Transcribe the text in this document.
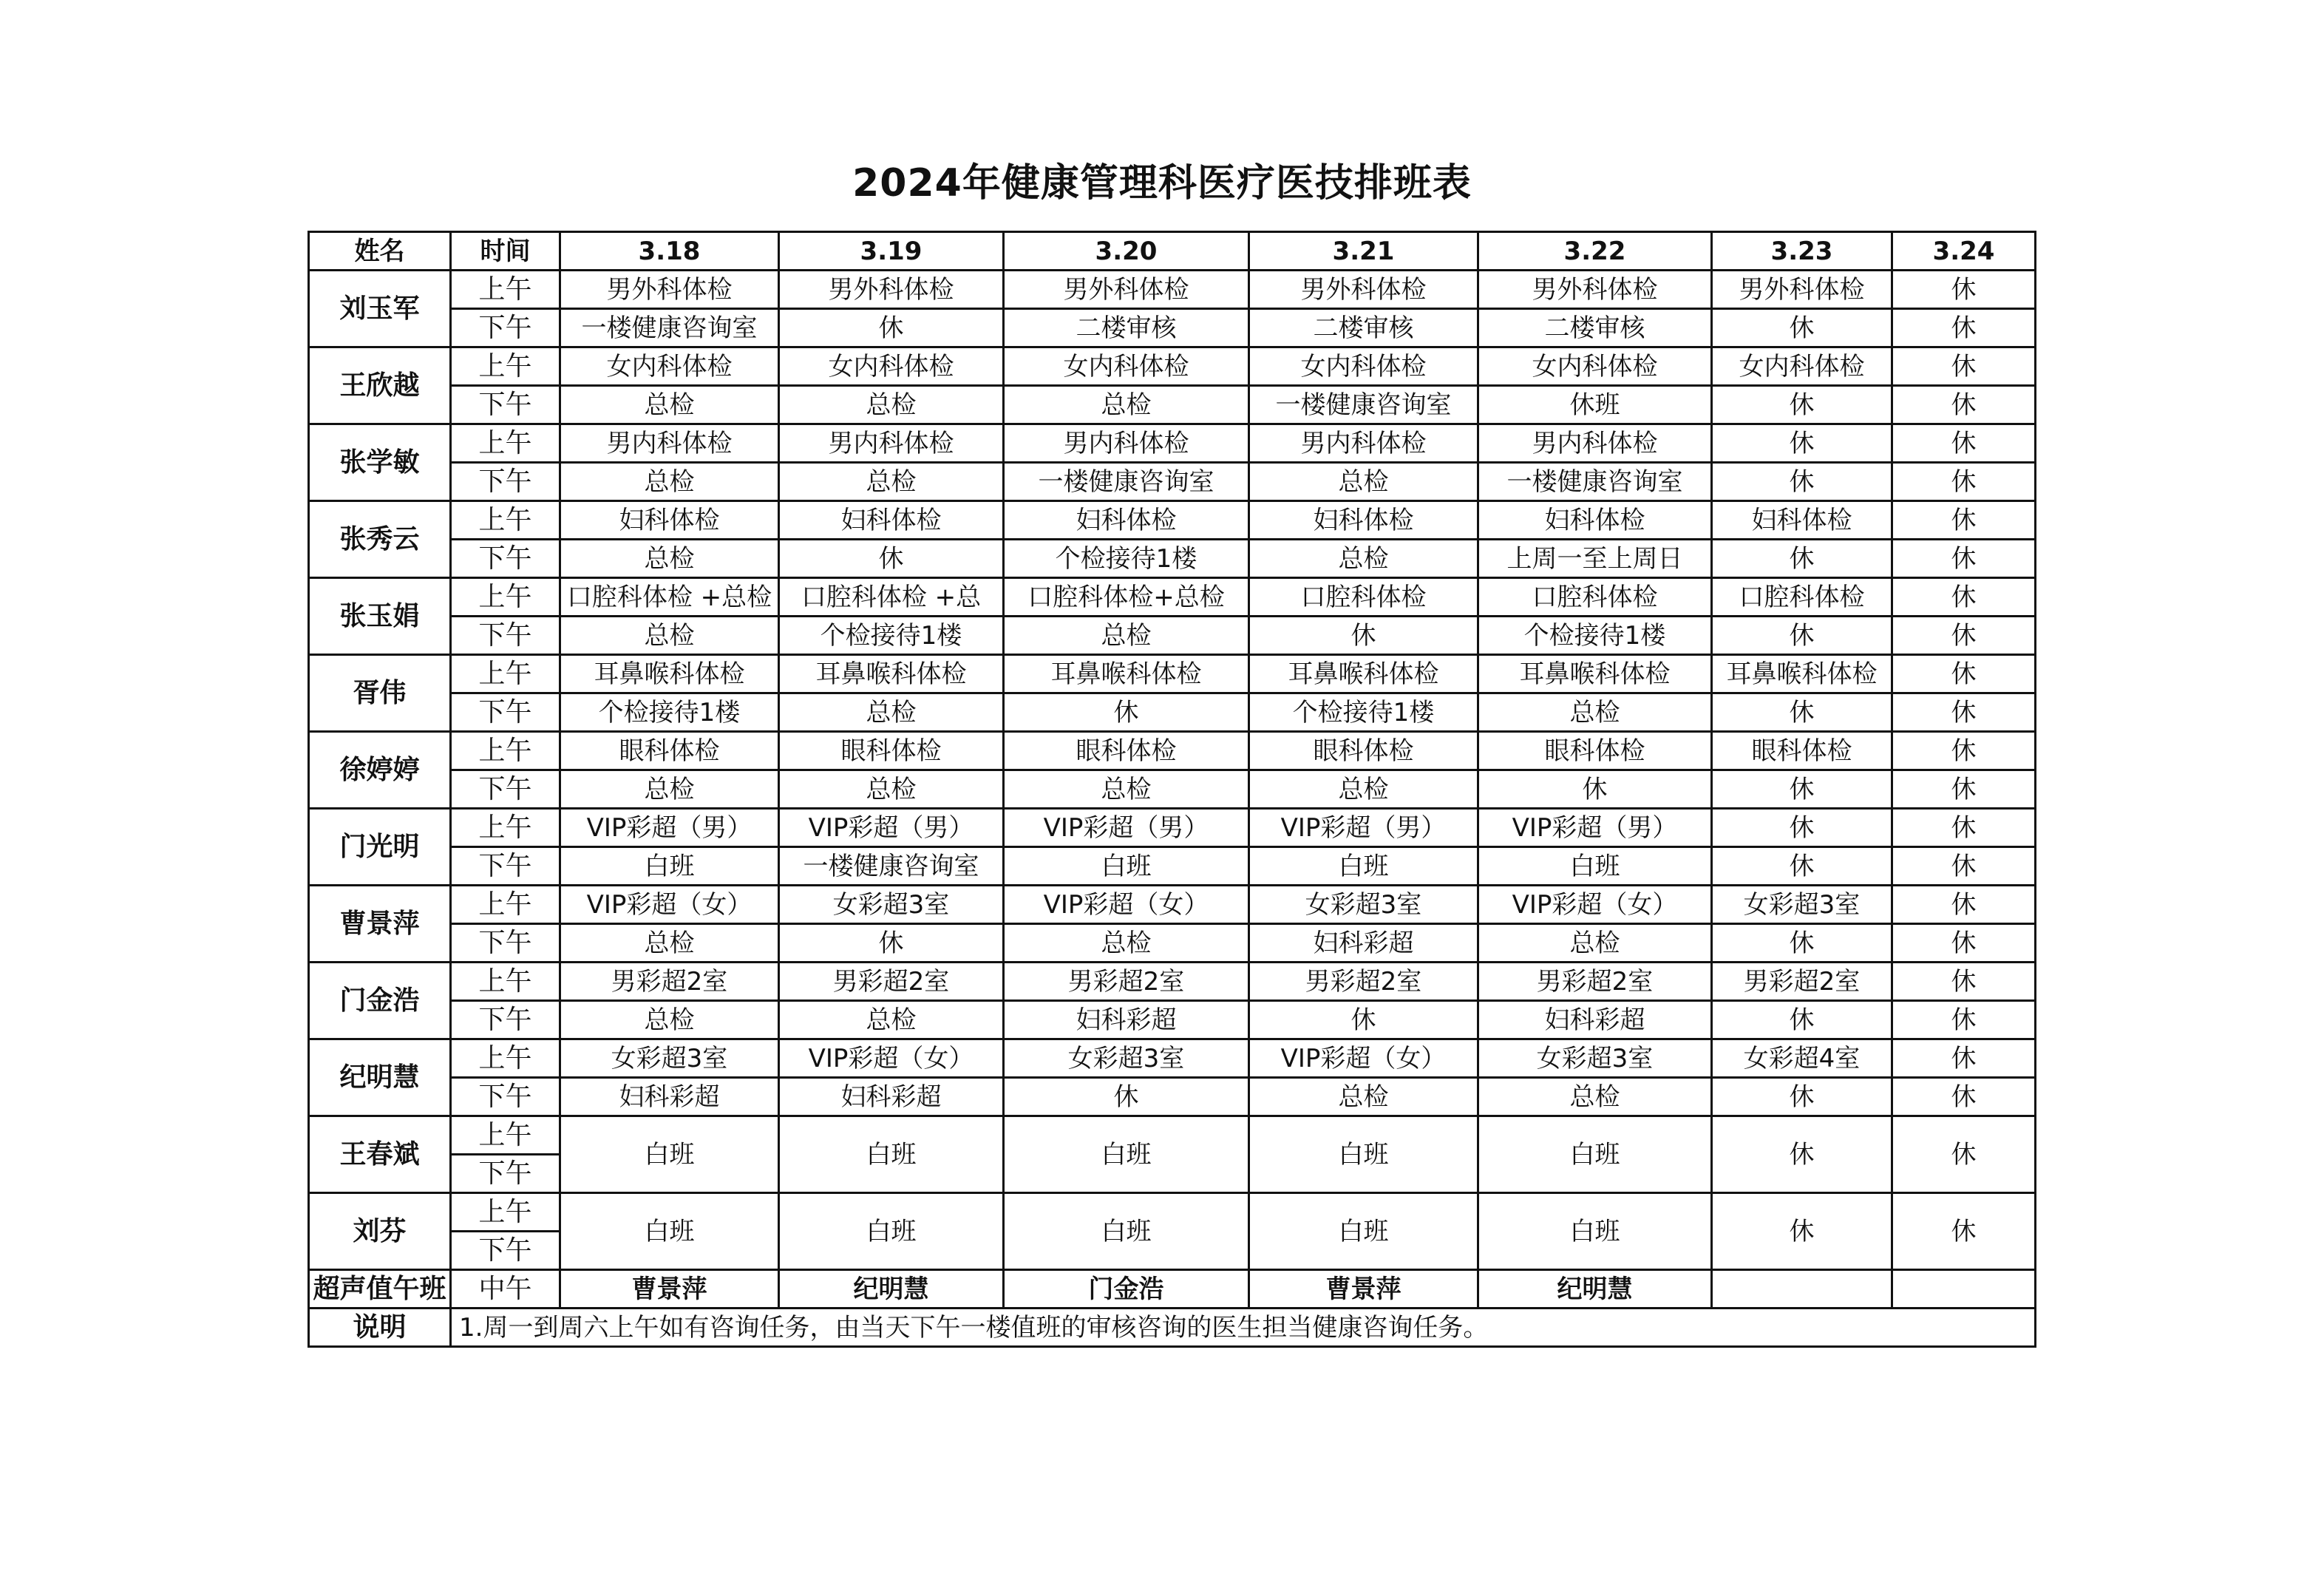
2024年健康管理科医疗医技排班表
姓名	时间	3.18	3.19	3.20	3.21	3.22	3.23	3.24
刘玉军	上午	男外科体检	男外科体检	男外科体检	男外科体检	男外科体检	男外科体检	休
	下午	一楼健康咨询室	休	二楼审核	二楼审核	二楼审核	休	休
王欣越	上午	女内科体检	女内科体检	女内科体检	女内科体检	女内科体检	女内科体检	休
	下午	总检	总检	总检	一楼健康咨询室	休班	休	休
张学敏	上午	男内科体检	男内科体检	男内科体检	男内科体检	男内科体检	休	休
	下午	总检	总检	一楼健康咨询室	总检	一楼健康咨询室	休	休
张秀云	上午	妇科体检	妇科体检	妇科体检	妇科体检	妇科体检	妇科体检	休
	下午	总检	休	个检接待1楼	总检	上周一至上周日	休	休
张玉娟	上午	口腔科体检 +总检	口腔科体检 +总	口腔科体检+总检	口腔科体检	口腔科体检	口腔科体检	休
	下午	总检	个检接待1楼	总检	休	个检接待1楼	休	休
胥伟	上午	耳鼻喉科体检	耳鼻喉科体检	耳鼻喉科体检	耳鼻喉科体检	耳鼻喉科体检	耳鼻喉科体检	休
	下午	个检接待1楼	总检	休	个检接待1楼	总检	休	休
徐婷婷	上午	眼科体检	眼科体检	眼科体检	眼科体检	眼科体检	眼科体检	休
	下午	总检	总检	总检	总检	休	休	休
门光明	上午	VIP彩超（男）	VIP彩超（男）	VIP彩超（男）	VIP彩超（男）	VIP彩超（男）	休	休
	下午	白班	一楼健康咨询室	白班	白班	白班	休	休
曹景萍	上午	VIP彩超（女）	女彩超3室	VIP彩超（女）	女彩超3室	VIP彩超（女）	女彩超3室	休
	下午	总检	休	总检	妇科彩超	总检	休	休
门金浩	上午	男彩超2室	男彩超2室	男彩超2室	男彩超2室	男彩超2室	男彩超2室	休
	下午	总检	总检	妇科彩超	休	妇科彩超	休	休
纪明慧	上午	女彩超3室	VIP彩超（女）	女彩超3室	VIP彩超（女）	女彩超3室	女彩超4室	休
	下午	妇科彩超	妇科彩超	休	总检	总检	休	休
王春斌	上午	白班	白班	白班	白班	白班	休	休
	下午							
刘芬	上午	白班	白班	白班	白班	白班	休	休
	下午							
超声值午班	中午	曹景萍	纪明慧	门金浩	曹景萍	纪明慧		
说明	1.周一到周六上午如有咨询任务，由当天下午一楼值班的审核咨询的医生担当健康咨询任务。							
